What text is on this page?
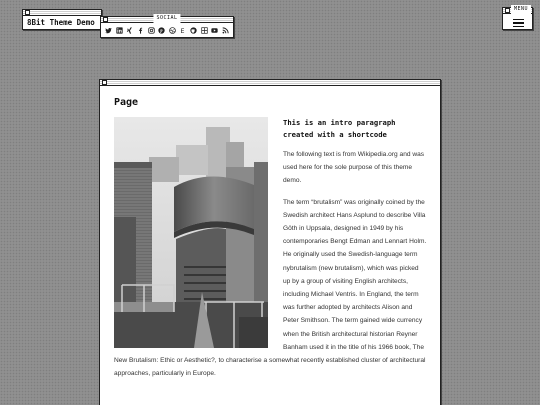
8Bit Theme Demo	SOCIAL
E
MENU
Page
This is an intro paragraph created with a shortcode

The following text is from Wikipedia.org and was used here for the sole purpose of this theme demo.

The term “brutalism” was originally coined by the Swedish architect Hans Asplund to describe Villa Göth in Uppsala, designed in 1949 by his contemporaries Bengt Edman and Lennart Holm. He originally used the Swedish-language term nybrutalism (new brutalism), which was picked up by a group of visiting English architects, including Michael Ventris. In England, the term was further adopted by architects Alison and Peter Smithson. The term gained wide currency when the British architectural historian Reyner Banham used it in the title of his 1966 book, The New Brutalism: Ethic or Aesthetic?, to characterise a somewhat recently established cluster of architectural approaches, particularly in Europe.
